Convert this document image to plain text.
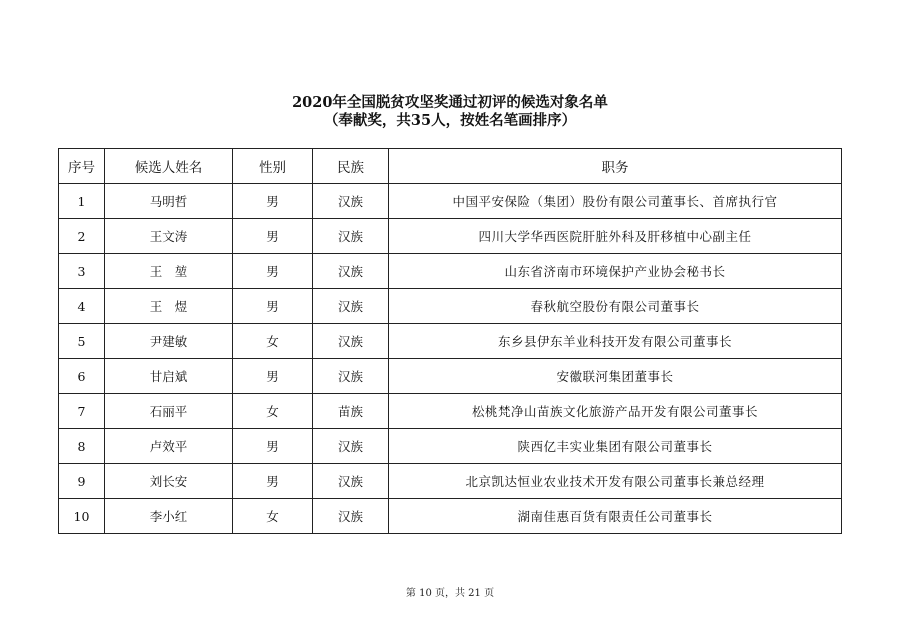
2020年全国脱贫攻坚奖通过初评的候选对象名单
（奉献奖，共35人，按姓名笔画排序）
序号	候选人姓名	性别	民族	职务
1	马明哲	男	汉族	中国平安保险（集团）股份有限公司董事长、首席执行官
2	王文涛	男	汉族	四川大学华西医院肝脏外科及肝移植中心副主任
3	王　堃	男	汉族	山东省济南市环境保护产业协会秘书长
4	王　煜	男	汉族	春秋航空股份有限公司董事长
5	尹建敏	女	汉族	东乡县伊东羊业科技开发有限公司董事长
6	甘启斌	男	汉族	安徽联河集团董事长
7	石丽平	女	苗族	松桃梵净山苗族文化旅游产品开发有限公司董事长
8	卢效平	男	汉族	陕西亿丰实业集团有限公司董事长
9	刘长安	男	汉族	北京凯达恒业农业技术开发有限公司董事长兼总经理
10	李小红	女	汉族	湖南佳惠百货有限责任公司董事长
第 10 页，共 21 页
